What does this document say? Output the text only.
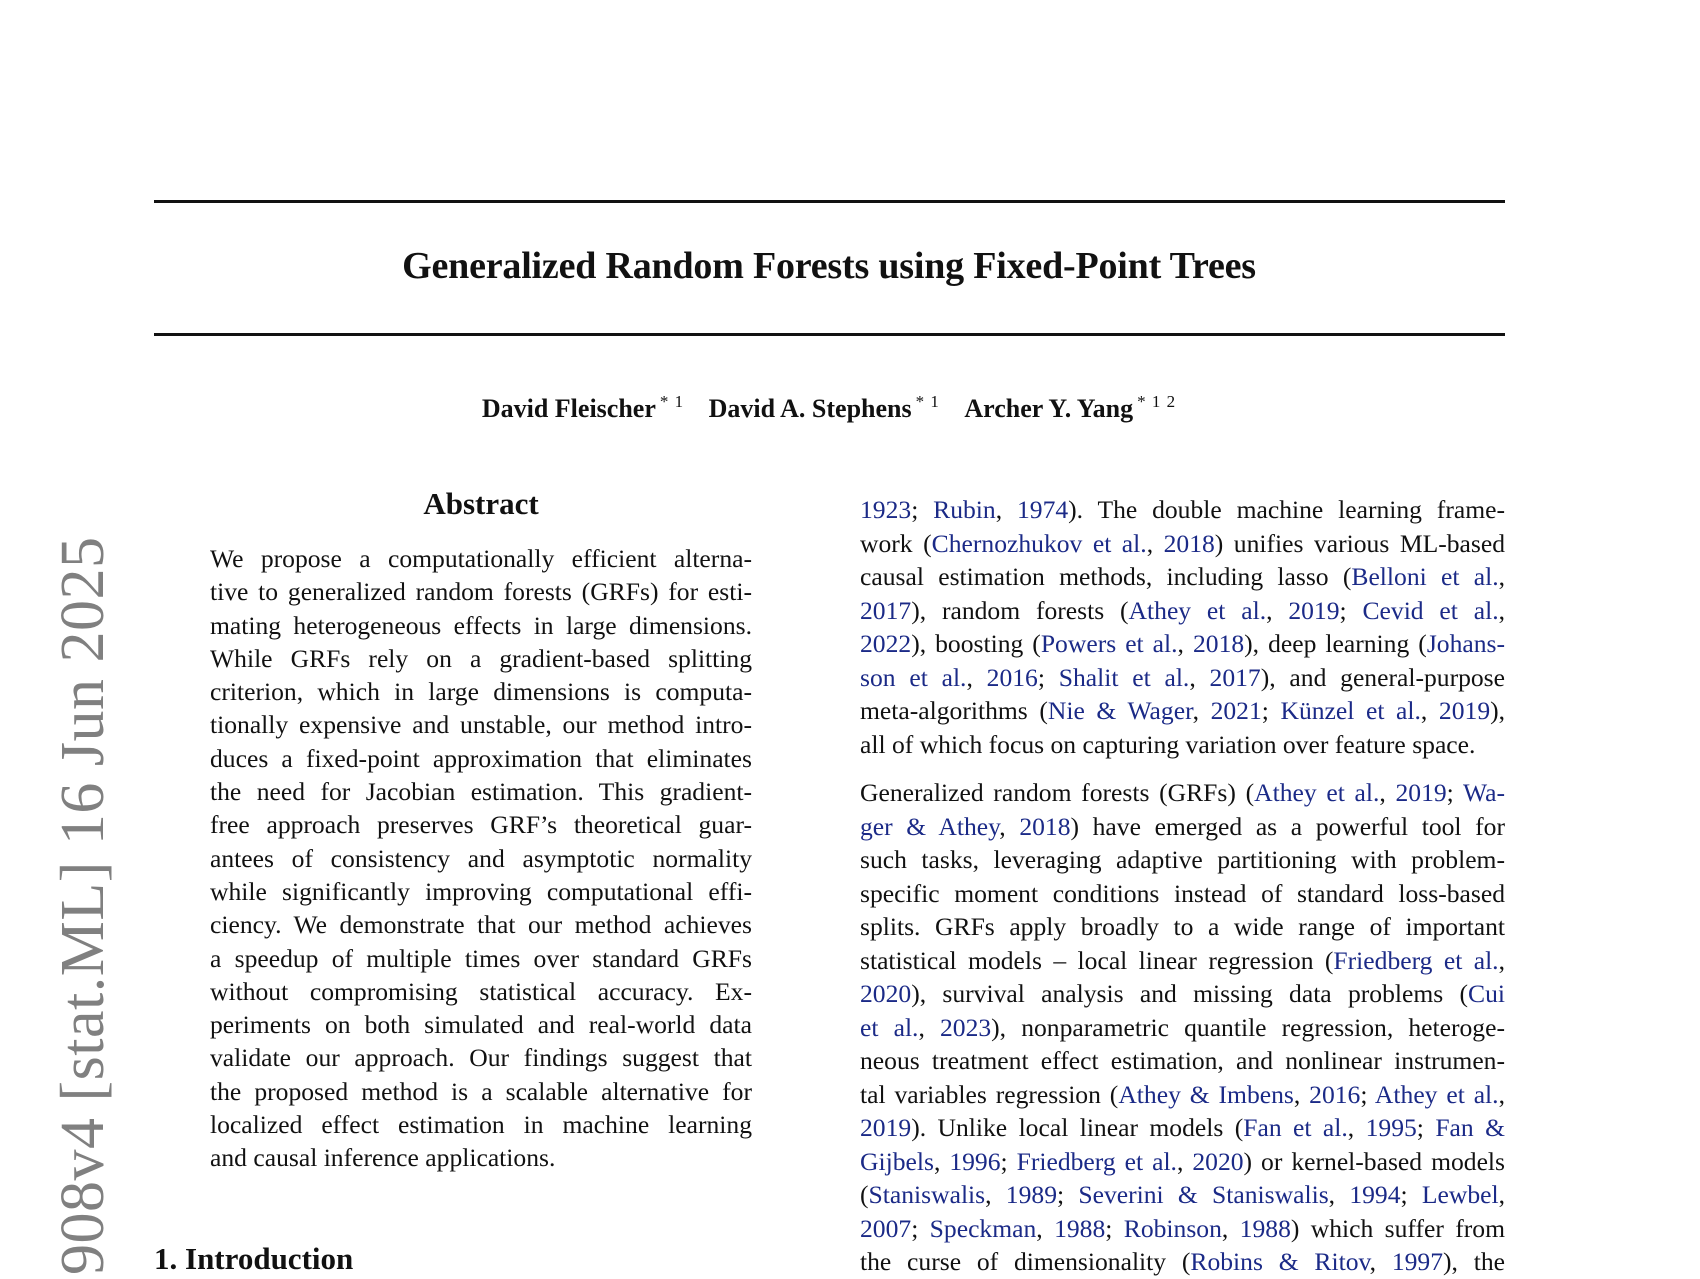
908v4 [stat.ML] 16 Jun 2025
Generalized Random Forests using Fixed-Point Trees
David Fleischer $^{* 1}$ David A. Stephens $^{* 1}$ Archer Y. Yang $^{* 1 2}$
Abstract
We propose a computationally efficient alterna-
tive to generalized random forests (GRFs) for esti-
mating heterogeneous effects in large dimensions.
While GRFs rely on a gradient-based splitting
criterion, which in large dimensions is computa-
tionally expensive and unstable, our method intro-
duces a fixed-point approximation that eliminates
the need for Jacobian estimation. This gradient-
free approach preserves GRF’s theoretical guar-
antees of consistency and asymptotic normality
while significantly improving computational effi-
ciency. We demonstrate that our method achieves
a speedup of multiple times over standard GRFs
without compromising statistical accuracy. Ex-
periments on both simulated and real-world data
validate our approach. Our findings suggest that
the proposed method is a scalable alternative for
localized effect estimation in machine learning
and causal inference applications.
1. Introduction
1923; Rubin, 1974). The double machine learning frame-
work (Chernozhukov et al., 2018) unifies various ML-based
causal estimation methods, including lasso (Belloni et al.,
2017), random forests (Athey et al., 2019; Cevid et al.,
2022), boosting (Powers et al., 2018), deep learning (Johans-
son et al., 2016; Shalit et al., 2017), and general-purpose
meta-algorithms (Nie & Wager, 2021; Künzel et al., 2019),
all of which focus on capturing variation over feature space.
Generalized random forests (GRFs) (Athey et al., 2019; Wa-
ger & Athey, 2018) have emerged as a powerful tool for
such tasks, leveraging adaptive partitioning with problem-
specific moment conditions instead of standard loss-based
splits. GRFs apply broadly to a wide range of important
statistical models – local linear regression (Friedberg et al.,
2020), survival analysis and missing data problems (Cui
et al., 2023), nonparametric quantile regression, heteroge-
neous treatment effect estimation, and nonlinear instrumen-
tal variables regression (Athey & Imbens, 2016; Athey et al.,
2019). Unlike local linear models (Fan et al., 1995; Fan &
Gijbels, 1996; Friedberg et al., 2020) or kernel-based models
(Staniswalis, 1989; Severini & Staniswalis, 1994; Lewbel,
2007; Speckman, 1988; Robinson, 1988) which suffer from
the curse of dimensionality (Robins & Ritov, 1997), the
